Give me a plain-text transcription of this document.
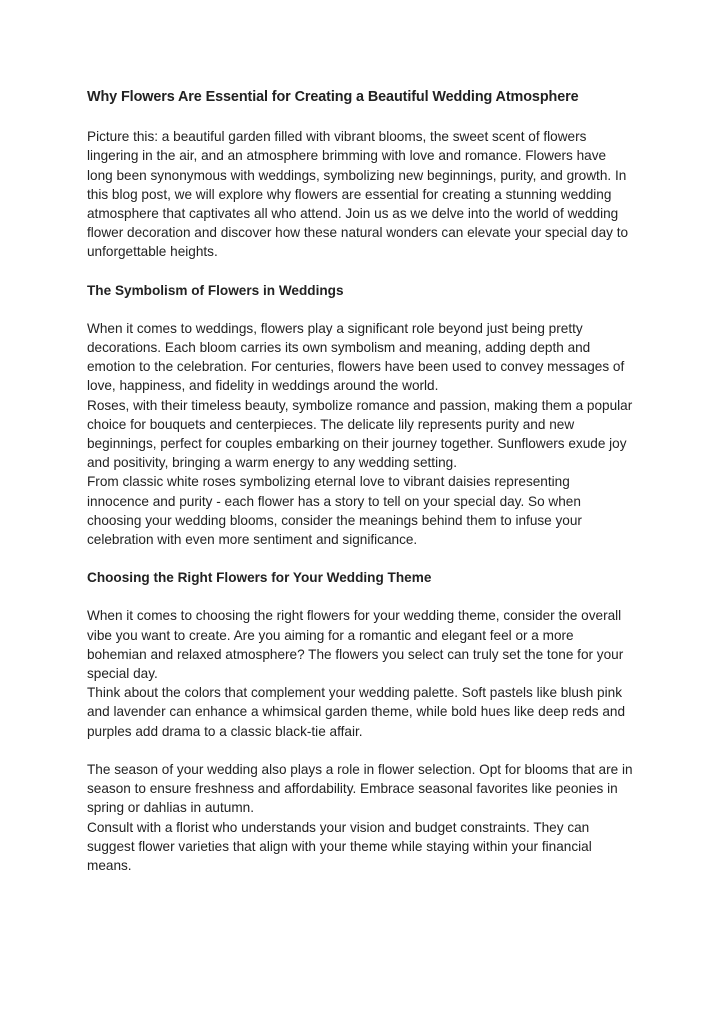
Why Flowers Are Essential for Creating a Beautiful Wedding Atmosphere

Picture this: a beautiful garden filled with vibrant blooms, the sweet scent of flowers lingering in the air, and an atmosphere brimming with love and romance. Flowers have long been synonymous with weddings, symbolizing new beginnings, purity, and growth. In this blog post, we will explore why flowers are essential for creating a stunning wedding atmosphere that captivates all who attend. Join us as we delve into the world of wedding flower decoration and discover how these natural wonders can elevate your special day to unforgettable heights.

The Symbolism of Flowers in Weddings

When it comes to weddings, flowers play a significant role beyond just being pretty decorations. Each bloom carries its own symbolism and meaning, adding depth and emotion to the celebration. For centuries, flowers have been used to convey messages of love, happiness, and fidelity in weddings around the world.

Roses, with their timeless beauty, symbolize romance and passion, making them a popular choice for bouquets and centerpieces. The delicate lily represents purity and new beginnings, perfect for couples embarking on their journey together. Sunflowers exude joy and positivity, bringing a warm energy to any wedding setting.

From classic white roses symbolizing eternal love to vibrant daisies representing innocence and purity - each flower has a story to tell on your special day. So when choosing your wedding blooms, consider the meanings behind them to infuse your celebration with even more sentiment and significance.

Choosing the Right Flowers for Your Wedding Theme

When it comes to choosing the right flowers for your wedding theme, consider the overall vibe you want to create. Are you aiming for a romantic and elegant feel or a more bohemian and relaxed atmosphere? The flowers you select can truly set the tone for your special day.

Think about the colors that complement your wedding palette. Soft pastels like blush pink and lavender can enhance a whimsical garden theme, while bold hues like deep reds and purples add drama to a classic black-tie affair.

The season of your wedding also plays a role in flower selection. Opt for blooms that are in season to ensure freshness and affordability. Embrace seasonal favorites like peonies in spring or dahlias in autumn.

Consult with a florist who understands your vision and budget constraints. They can suggest flower varieties that align with your theme while staying within your financial means.
